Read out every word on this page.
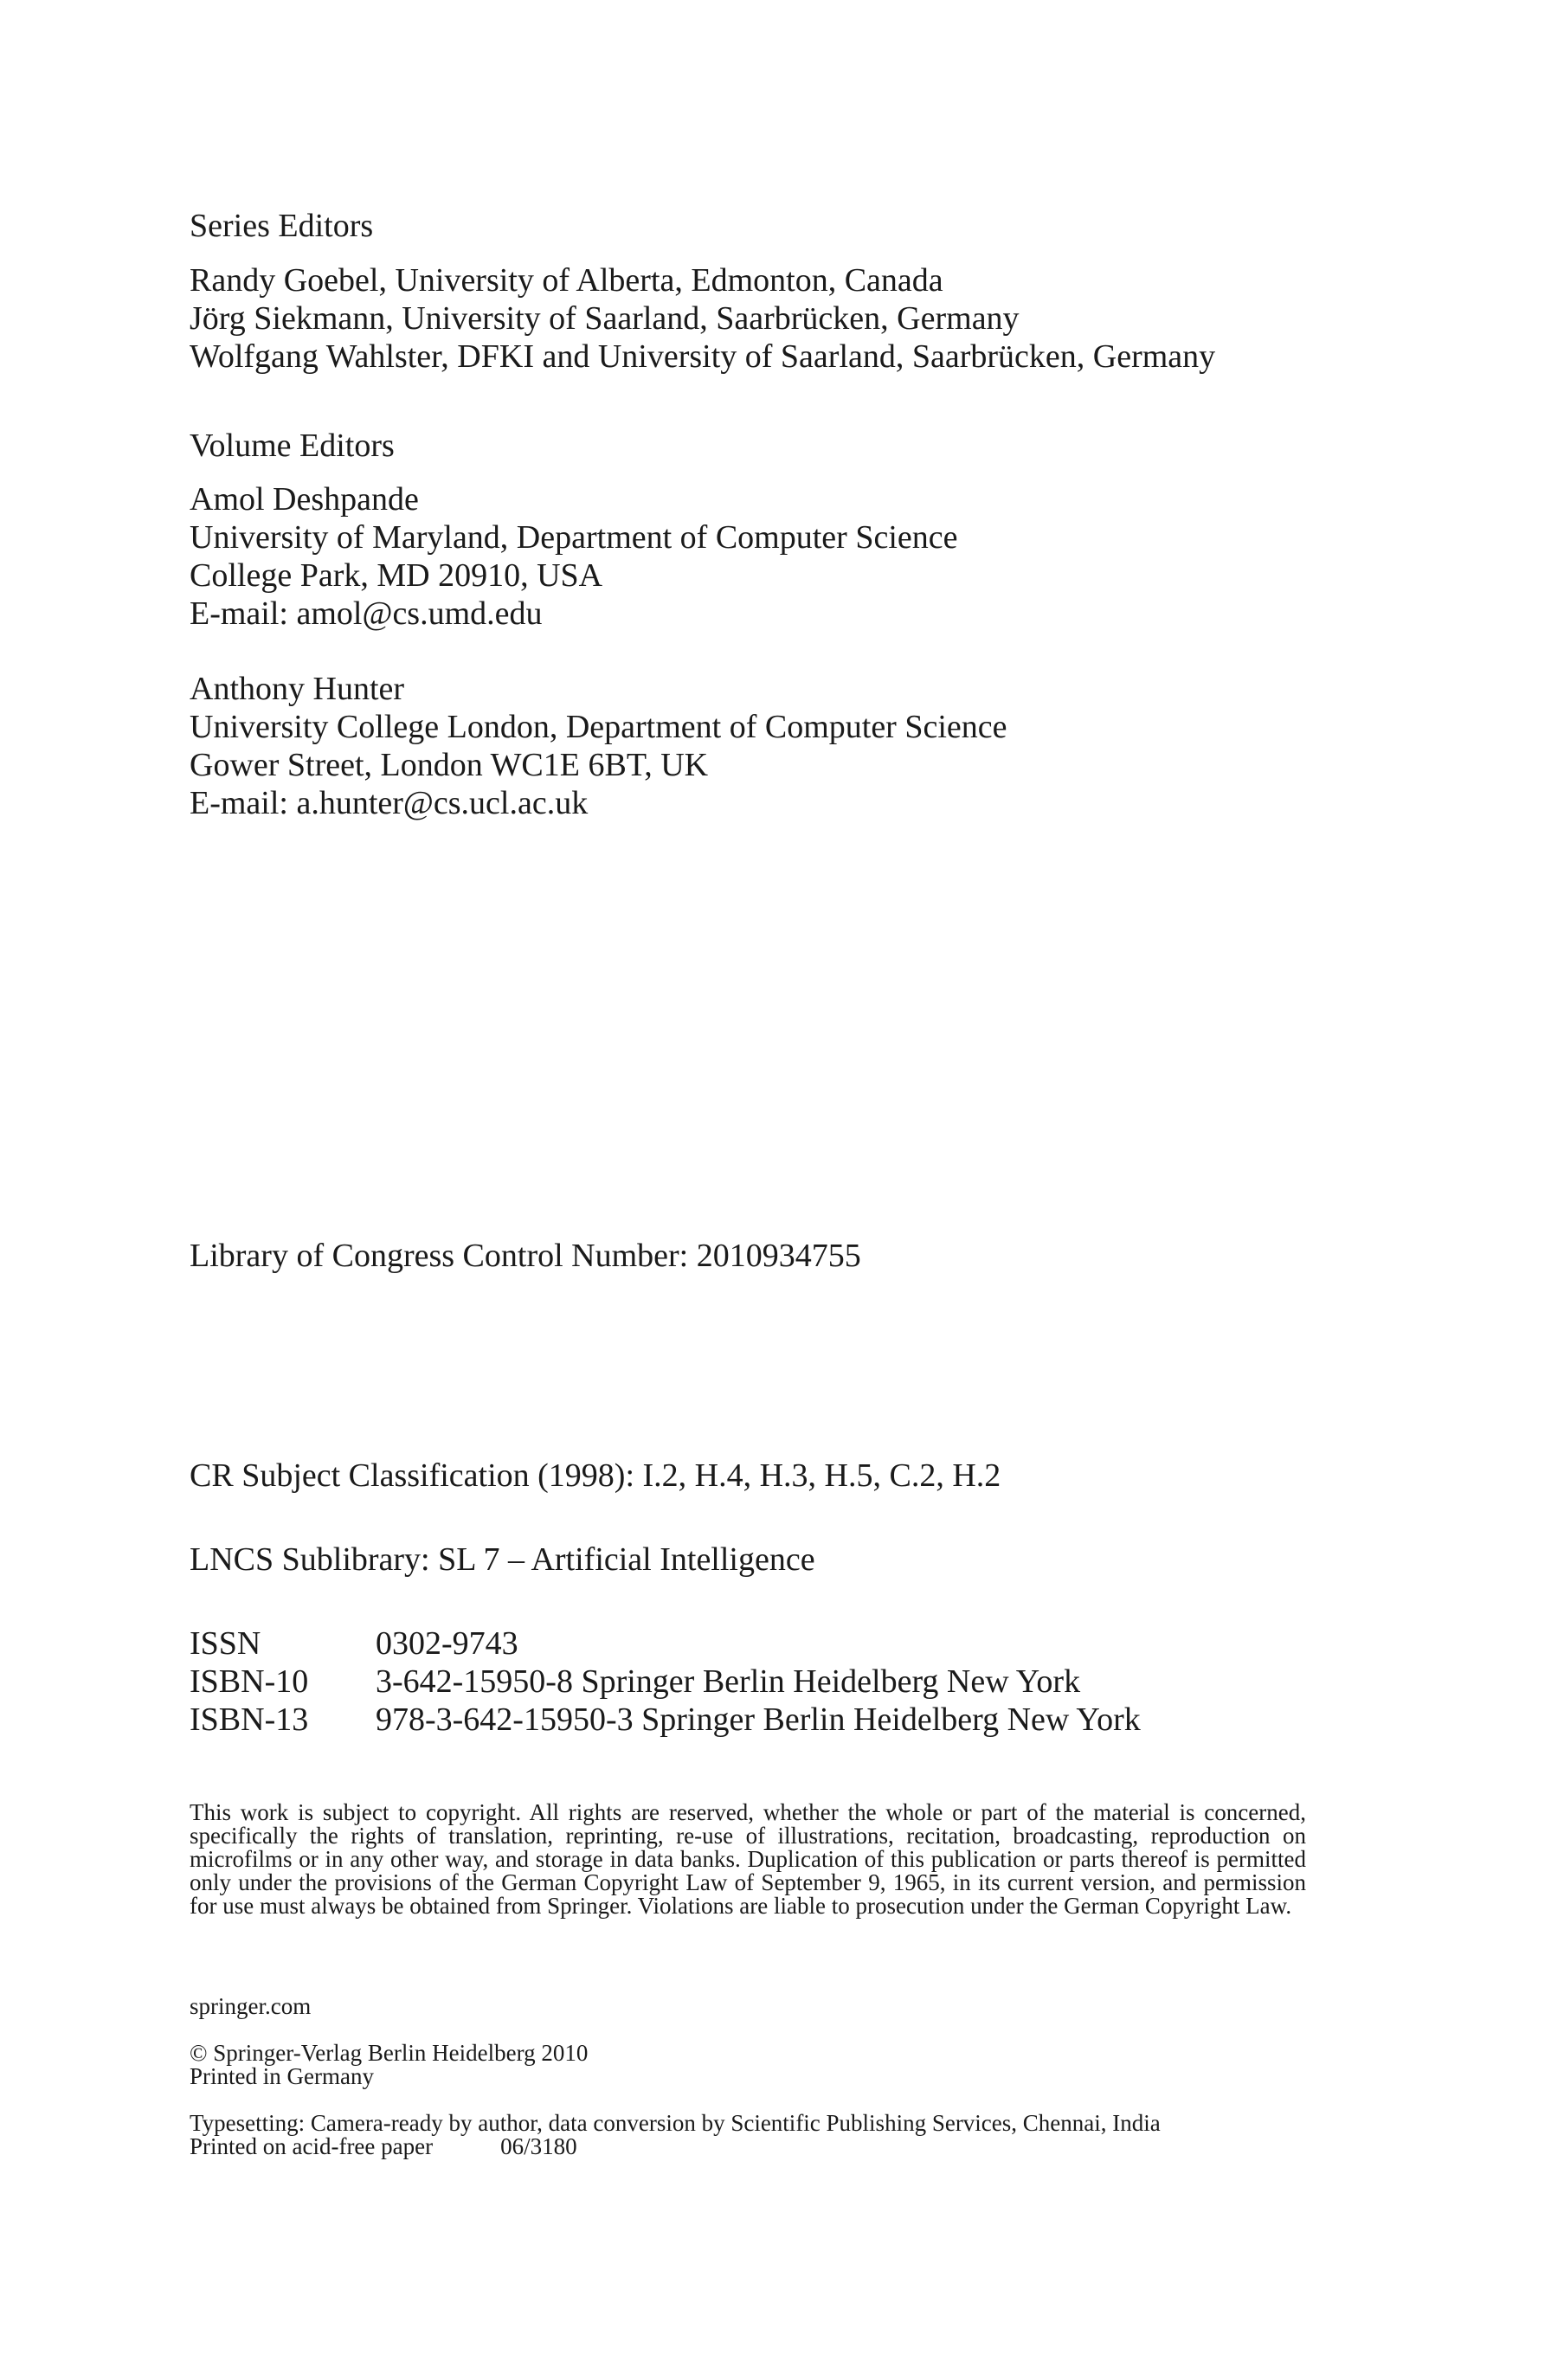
Series Editors
Randy Goebel, University of Alberta, Edmonton, Canada
Jörg Siekmann, University of Saarland, Saarbrücken, Germany
Wolfgang Wahlster, DFKI and University of Saarland, Saarbrücken, Germany
Volume Editors
Amol Deshpande
University of Maryland, Department of Computer Science
College Park, MD 20910, USA
E-mail: amol@cs.umd.edu
Anthony Hunter
University College London, Department of Computer Science
Gower Street, London WC1E 6BT, UK
E-mail: a.hunter@cs.ucl.ac.uk
Library of Congress Control Number: 2010934755
CR Subject Classification (1998): I.2, H.4, H.3, H.5, C.2, H.2
LNCS Sublibrary: SL 7 – Artificial Intelligence
ISSN	0302-9743
ISBN-10	3-642-15950-8 Springer Berlin Heidelberg New York
ISBN-13	978-3-642-15950-3 Springer Berlin Heidelberg New York
This work is subject to copyright. All rights are reserved, whether the whole or part of the material is concerned, specifically the rights of translation, reprinting, re-use of illustrations, recitation, broadcasting, reproduction on microfilms or in any other way, and storage in data banks. Duplication of this publication or parts thereof is permitted only under the provisions of the German Copyright Law of September 9, 1965, in its current version, and permission for use must always be obtained from Springer. Violations are liable to prosecution under the German Copyright Law.
springer.com
© Springer-Verlag Berlin Heidelberg 2010
Printed in Germany
Typesetting: Camera-ready by author, data conversion by Scientific Publishing Services, Chennai, India
Printed on acid-free paper	06/3180
